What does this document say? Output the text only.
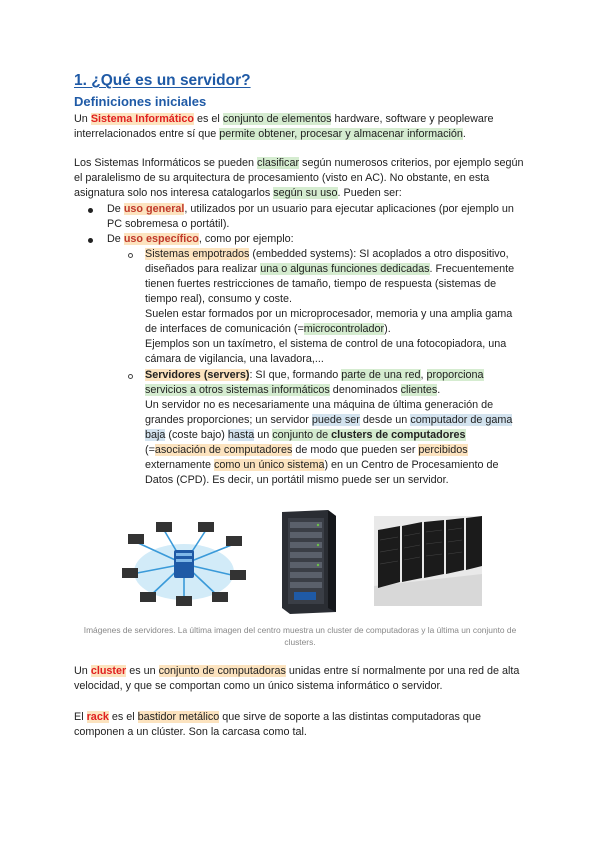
1. ¿Qué es un servidor?
Definiciones iniciales

Un Sistema Informático es el conjunto de elementos hardware, software y peopleware interrelacionados entre sí que permite obtener, procesar y almacenar información.

Los Sistemas Informáticos se pueden clasificar según numerosos criterios, por ejemplo según el paralelismo de su arquitectura de procesamiento (visto en AC). No obstante, en esta asignatura solo nos interesa catalogarlos según su uso. Pueden ser:

De uso general, utilizados por un usuario para ejecutar aplicaciones (por ejemplo un PC sobremesa o portátil).

De uso específico, como por ejemplo:

Sistemas empotrados (embedded systems): SI acoplados a otro dispositivo, diseñados para realizar una o algunas funciones dedicadas. Frecuentemente tienen fuertes restricciones de tamaño, tiempo de respuesta (sistemas de tiempo real), consumo y coste.
Suelen estar formados por un microprocesador, memoria y una amplia gama de interfaces de comunicación (=microcontrolador).
Ejemplos son un taxímetro, el sistema de control de una fotocopiadora, una cámara de vigilancia, una lavadora,...
Servidores (servers): SI que, formando parte de una red, proporciona servicios a otros sistemas informáticos denominados clientes.
Un servidor no es necesariamente una máquina de última generación de grandes proporciones; un servidor puede ser desde un computador de gama baja (coste bajo) hasta un conjunto de clusters de computadores (=asociación de computadores de modo que pueden ser percibidos externamente como un único sistema) en un Centro de Procesamiento de Datos (CPD). Es decir, un portátil mismo puede ser un servidor.
Imágenes de servidores. La última imagen del centro muestra un cluster de computadoras y la última un conjunto de clusters.

Un cluster es un conjunto de computadoras unidas entre sí normalmente por una red de alta velocidad, y que se comportan como un único sistema informático o servidor.

El rack es el bastidor metálico que sirve de soporte a las distintas computadoras que componen a un clúster. Son la carcasa como tal.
